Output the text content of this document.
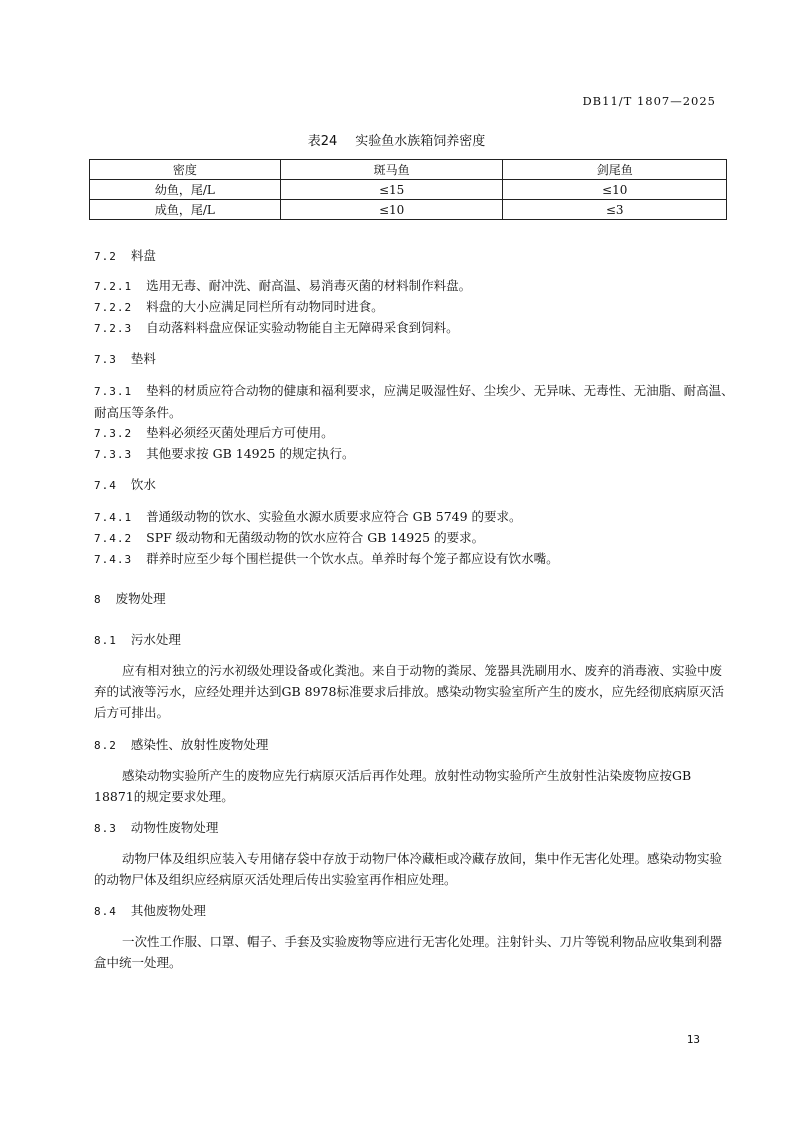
DB11/T 1807—2025
表24 实验鱼水族箱饲养密度
密度	斑马鱼	剑尾鱼
幼鱼，尾/L	≤15	≤10
成鱼，尾/L	≤10	≤3
7.2 料盘
7.2.1 选用无毒、耐冲洗、耐高温、易消毒灭菌的材料制作料盘。
7.2.2 料盘的大小应满足同栏所有动物同时进食。
7.2.3 自动落料料盘应保证实验动物能自主无障碍采食到饲料。
7.3 垫料
7.3.1 垫料的材质应符合动物的健康和福利要求，应满足吸湿性好、尘埃少、无异味、无毒性、无油脂、耐高温、耐高压等条件。
7.3.2 垫料必须经灭菌处理后方可使用。
7.3.3 其他要求按 GB 14925 的规定执行。
7.4 饮水
7.4.1 普通级动物的饮水、实验鱼水源水质要求应符合 GB 5749 的要求。
7.4.2 SPF 级动物和无菌级动物的饮水应符合 GB 14925 的要求。
7.4.3 群养时应至少每个围栏提供一个饮水点。单养时每个笼子都应设有饮水嘴。
8 废物处理
8.1 污水处理
应有相对独立的污水初级处理设备或化粪池。来自于动物的粪尿、笼器具洗刷用水、废弃的消毒液、实验中废弃的试液等污水，应经处理并达到GB 8978标准要求后排放。感染动物实验室所产生的废水，应先经彻底病原灭活后方可排出。
8.2 感染性、放射性废物处理
感染动物实验所产生的废物应先行病原灭活后再作处理。放射性动物实验所产生放射性沾染废物应按GB 18871的规定要求处理。
8.3 动物性废物处理
动物尸体及组织应装入专用储存袋中存放于动物尸体冷藏柜或冷藏存放间，集中作无害化处理。感染动物实验的动物尸体及组织应经病原灭活处理后传出实验室再作相应处理。
8.4 其他废物处理
一次性工作服、口罩、帽子、手套及实验废物等应进行无害化处理。注射针头、刀片等锐利物品应收集到利器盒中统一处理。
13
